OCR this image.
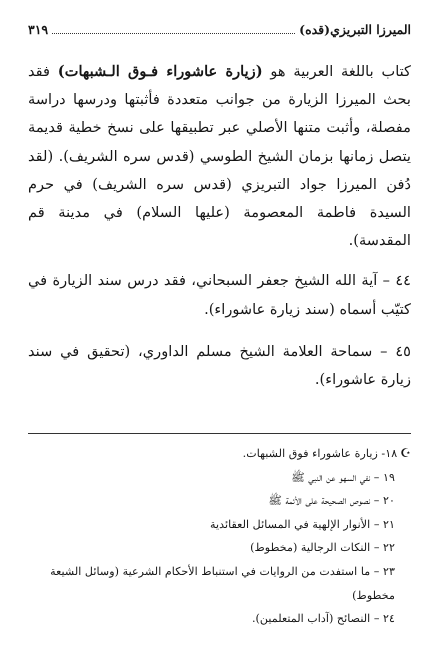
الميرزا التبريزي(قده)
٣١٩

كتاب باللغة العربية هو (زيارة عاشوراء فـوق الـشبهات) فقد بحث الميرزا الزيارة من جوانب متعددة فأثبتها ودرسها دراسة مفصلة، وأثبت متنها الأصلي عبر تطبيقها على نسخ خطية قديمة يتصل زمانها بزمان الشيخ الطوسي (قدس سره الشريف). (لقد دُفن الميرزا جواد التبريزي (قدس سره الشريف) في حرم السيدة فاطمة المعصومة (عليها السلام) في مدينة قم المقدسة).

٤٤ – آية الله الشيخ جعفر السبحاني، فقد درس سند الزيارة في كتيّب أسماه (سند زيارة عاشوراء).

٤٥ – سماحة العلامة الشيخ مسلم الداوري، (تحقيق في سند زيارة عاشوراء).

☪١٨- زيارة عاشوراء فوق الشبهات.

١٩ – نفي السهو عن النبي ﷺ

٢٠ – نصوص الصحيحة على الأئمة ﷺ

٢١ – الأنوار الإلهية في المسائل العقائدية

٢٢ – النكات الرجالية (مخطوط)

٢٣ – ما استفدت من الروايات في استنباط الأحكام الشرعية (وسائل الشيعة مخطوط)

٢٤ – النصائح (آداب المتعلمين).
